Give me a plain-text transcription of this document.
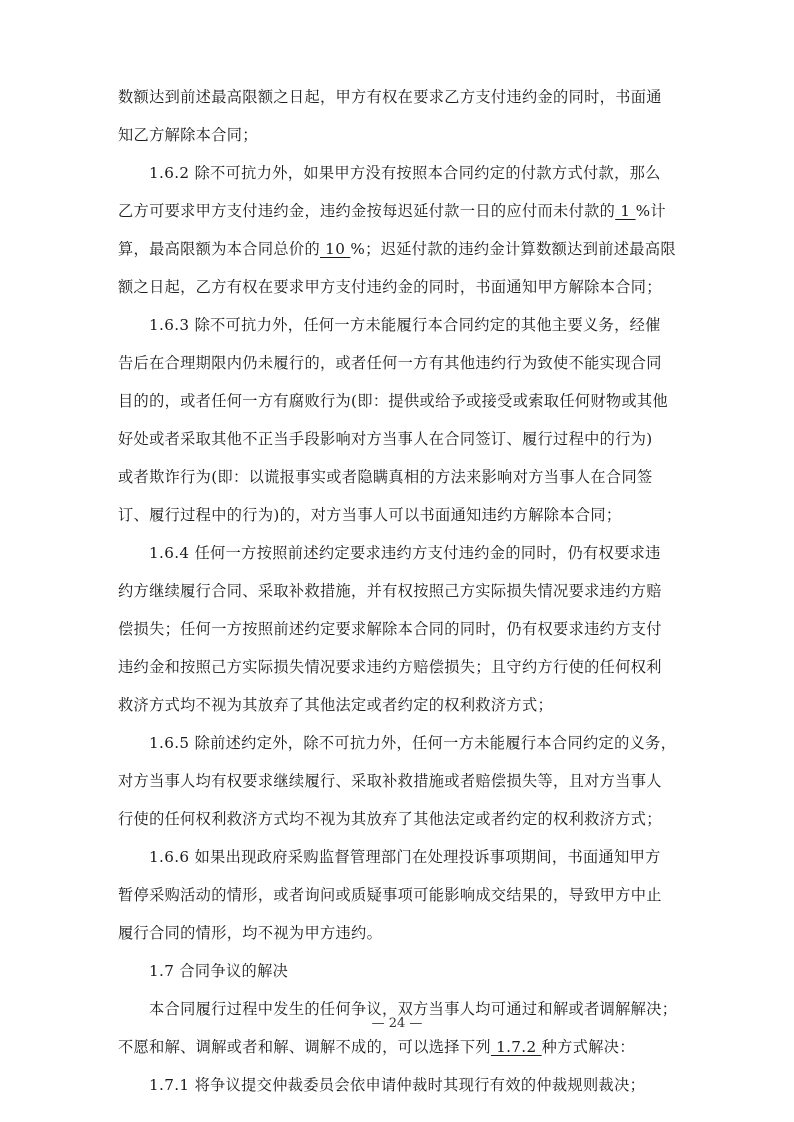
数额达到前述最高限额之日起，甲方有权在要求乙方支付违约金的同时，书面通
知乙方解除本合同；

1.6.2 除不可抗力外，如果甲方没有按照本合同约定的付款方式付款，那么
乙方可要求甲方支付违约金，违约金按每迟延付款一日的应付而未付款的 1 %计
算，最高限额为本合同总价的 10 %；迟延付款的违约金计算数额达到前述最高限
额之日起，乙方有权在要求甲方支付违约金的同时，书面通知甲方解除本合同；

1.6.3 除不可抗力外，任何一方未能履行本合同约定的其他主要义务，经催
告后在合理期限内仍未履行的，或者任何一方有其他违约行为致使不能实现合同
目的的，或者任何一方有腐败行为(即：提供或给予或接受或索取任何财物或其他
好处或者采取其他不正当手段影响对方当事人在合同签订、履行过程中的行为)
或者欺诈行为(即：以谎报事实或者隐瞒真相的方法来影响对方当事人在合同签
订、履行过程中的行为)的，对方当事人可以书面通知违约方解除本合同；

1.6.4 任何一方按照前述约定要求违约方支付违约金的同时，仍有权要求违
约方继续履行合同、采取补救措施，并有权按照己方实际损失情况要求违约方赔
偿损失；任何一方按照前述约定要求解除本合同的同时，仍有权要求违约方支付
违约金和按照己方实际损失情况要求违约方赔偿损失；且守约方行使的任何权利
救济方式均不视为其放弃了其他法定或者约定的权利救济方式；

1.6.5 除前述约定外，除不可抗力外，任何一方未能履行本合同约定的义务，
对方当事人均有权要求继续履行、采取补救措施或者赔偿损失等，且对方当事人
行使的任何权利救济方式均不视为其放弃了其他法定或者约定的权利救济方式；

1.6.6 如果出现政府采购监督管理部门在处理投诉事项期间，书面通知甲方
暂停采购活动的情形，或者询问或质疑事项可能影响成交结果的，导致甲方中止
履行合同的情形，均不视为甲方违约。

1.7 合同争议的解决

本合同履行过程中发生的任何争议，双方当事人均可通过和解或者调解解决；
不愿和解、调解或者和解、调解不成的，可以选择下列 1.7.2 种方式解决：

1.7.1 将争议提交仲裁委员会依申请仲裁时其现行有效的仲裁规则裁决；

— 24 —
